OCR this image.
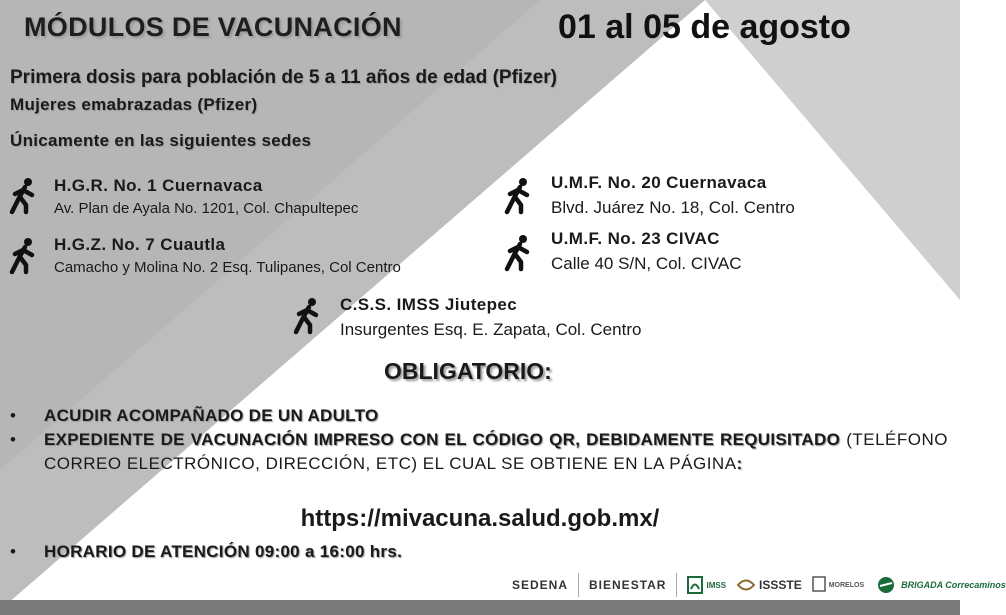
MÓDULOS DE VACUNACIÓN	01 al 05 de agosto
Primera dosis para población de 5 a 11 años de edad (Pfizer)
Mujeres emabrazadas (Pfizer)
Únicamente en las siguientes sedes
H.G.R. No. 1 Cuernavaca
Av. Plan de Ayala No. 1201, Col. Chapultepec
H.G.Z. No. 7 Cuautla
Camacho y Molina No. 2 Esq. Tulipanes, Col Centro
U.M.F. No. 20 Cuernavaca
Blvd. Juárez No. 18, Col. Centro
U.M.F. No. 23 CIVAC
Calle 40 S/N, Col. CIVAC
C.S.S. IMSS Jiutepec
Insurgentes Esq. E. Zapata, Col. Centro
OBLIGATORIO:
• ACUDIR ACOMPAÑADO DE UN ADULTO
• EXPEDIENTE DE VACUNACIÓN IMPRESO CON EL CÓDIGO QR, DEBIDAMENTE REQUISITADO (TELÉFONO CORREO ELECTRÓNICO, DIRECCIÓN, ETC) EL CUAL SE OBTIENE EN LA PÁGINA:
https://mivacuna.salud.gob.mx/
• HORARIO DE ATENCIÓN 09:00 a 16:00 hrs.
SEDENA BIENESTAR	IMSS	ISSSTE	MORELOS	BRIGADA Correcaminos
